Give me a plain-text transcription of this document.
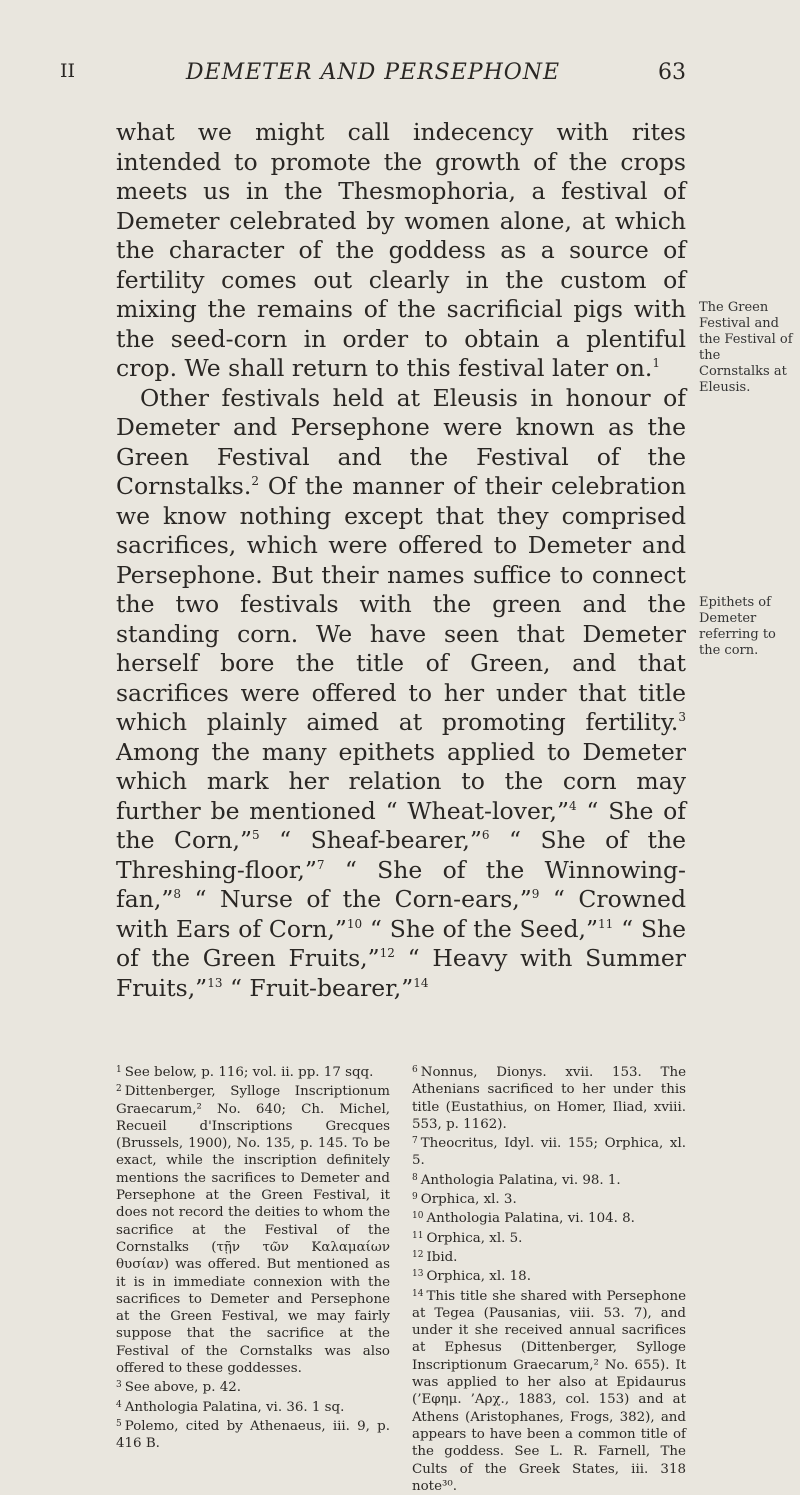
II	DEMETER AND PERSEPHONE	63

what we might call indecency with rites intended to promote the growth of the crops meets us in the Thesmophoria, a festival of Demeter celebrated by women alone, at which the character of the goddess as a source of fertility comes out clearly in the custom of mixing the remains of the sacrificial pigs with the seed-corn in order to obtain a plentiful crop. We shall return to this festival later on.$^1$

Other festivals held at Eleusis in honour of Demeter and Persephone were known as the Green Festival and the Festival of the Cornstalks.$^2$ Of the manner of their celebration we know nothing except that they comprised sacrifices, which were offered to Demeter and Persephone. But their names suffice to connect the two festivals with the green and the standing corn. We have seen that Demeter herself bore the title of Green, and that sacrifices were offered to her under that title which plainly aimed at promoting fertility.$^3$ Among the many epithets applied to Demeter which mark her relation to the corn may further be mentioned “ Wheat-lover,”$^4$ “ She of the Corn,”$^5$ “ Sheaf-bearer,”$^6$ “ She of the Threshing-floor,”$^7$ “ She of the Winnowing-fan,”$^8$ “ Nurse of the Corn-ears,”$^9$ “ Crowned with Ears of Corn,”$^{10}$ “ She of the Seed,”$^{11}$ “ She of the Green Fruits,”$^{12}$ “ Heavy with Summer Fruits,”$^{13}$ “ Fruit-bearer,”$^{14}$

The Green Festival and the Festival of the Cornstalks at Eleusis.
Epithets of Demeter referring to the corn.

$^1$ See below, p. 116; vol. ii. pp. 17 sqq.

$^2$ Dittenberger, Sylloge Inscriptionum Graecarum,² No. 640; Ch. Michel, Recueil d'Inscriptions Grecques (Brussels, 1900), No. 135, p. 145. To be exact, while the inscription definitely mentions the sacrifices to Demeter and Persephone at the Green Festival, it does not record the deities to whom the sacrifice at the Festival of the Cornstalks (τῇν τῶν Καλαμαίων θυσίαν) was offered. But mentioned as it is in immediate connexion with the sacrifices to Demeter and Persephone at the Green Festival, we may fairly suppose that the sacrifice at the Festival of the Cornstalks was also offered to these goddesses.

$^3$ See above, p. 42.

$^4$ Anthologia Palatina, vi. 36. 1 sq.

$^5$ Polemo, cited by Athenaeus, iii. 9, p. 416 B.

$^6$ Nonnus, Dionys. xvii. 153. The Athenians sacrificed to her under this title (Eustathius, on Homer, Iliad, xviii. 553, p. 1162).

$^7$ Theocritus, Idyl. vii. 155; Orphica, xl. 5.

$^8$ Anthologia Palatina, vi. 98. 1.

$^9$ Orphica, xl. 3.

$^{10}$ Anthologia Palatina, vi. 104. 8.

$^{11}$ Orphica, xl. 5.

$^{12}$ Ibid.

$^{13}$ Orphica, xl. 18.

$^{14}$ This title she shared with Persephone at Tegea (Pausanias, viii. 53. 7), and under it she received annual sacrifices at Ephesus (Dittenberger, Sylloge Inscriptionum Graecarum,² No. 655). It was applied to her also at Epidaurus (’Εφημ. ’Αρχ., 1883, col. 153) and at Athens (Aristophanes, Frogs, 382), and appears to have been a common title of the goddess. See L. R. Farnell, The Cults of the Greek States, iii. 318 note³⁰.
